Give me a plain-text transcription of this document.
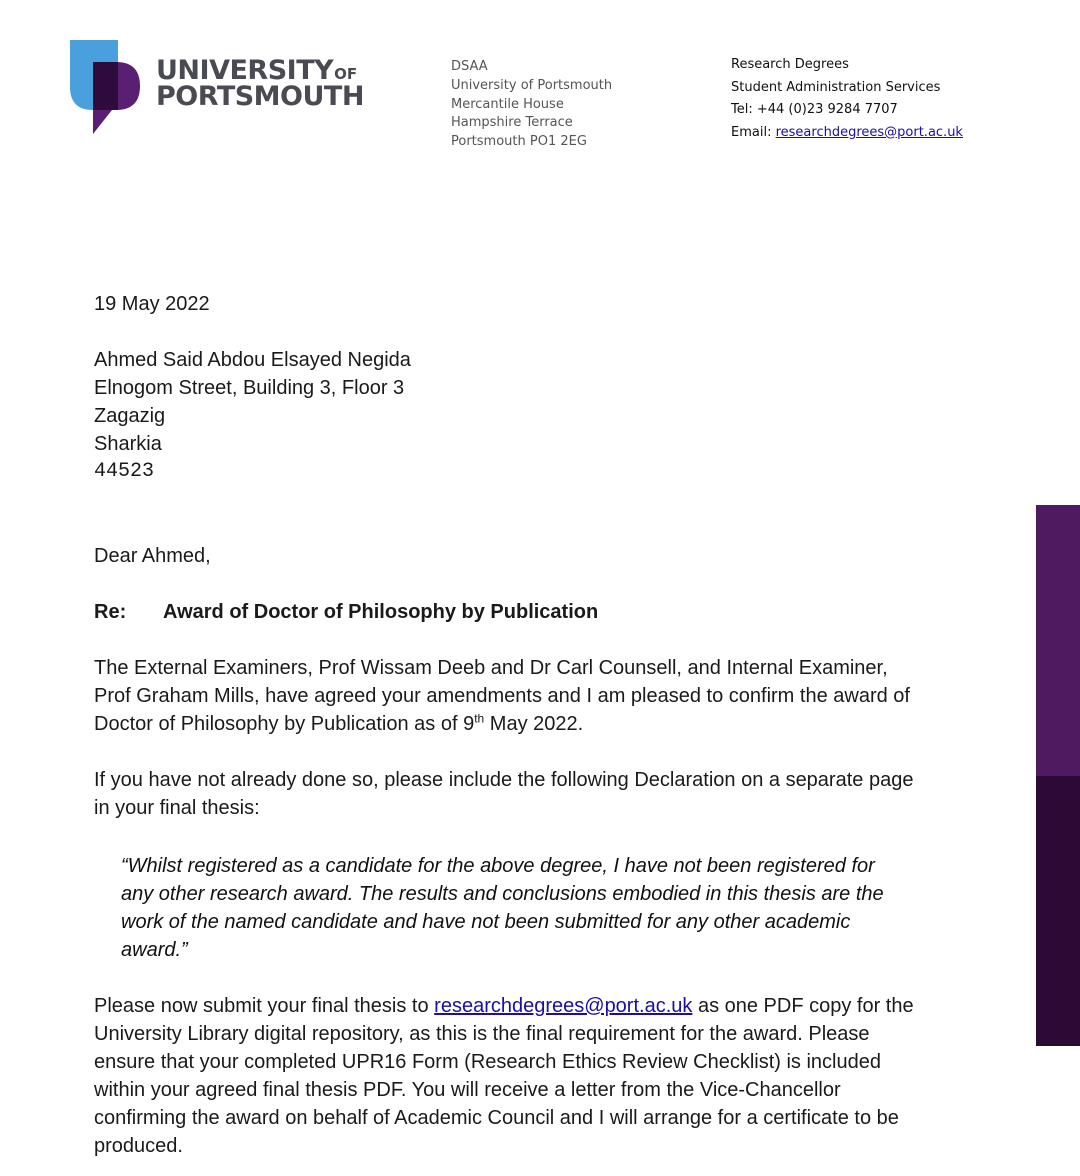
UNIVERSITYOF
PORTSMOUTH
DSAA
University of Portsmouth
Mercantile House
Hampshire Terrace
Portsmouth PO1 2EG
Research Degrees
Student Administration Services
Tel: +44 (0)23 9284 7707
Email: researchdegrees@port.ac.uk
19 May 2022
Ahmed Said Abdou Elsayed Negida
Elnogom Street, Building 3, Floor 3
Zagazig
Sharkia
44523
Dear Ahmed,
Re: Award of Doctor of Philosophy by Publication
The External Examiners, Prof Wissam Deeb and Dr Carl Counsell, and Internal Examiner, Prof Graham Mills, have agreed your amendments and I am pleased to confirm the award of Doctor of Philosophy by Publication as of 9th May 2022.
If you have not already done so, please include the following Declaration on a separate page in your final thesis:
“Whilst registered as a candidate for the above degree, I have not been registered for any other research award. The results and conclusions embodied in this thesis are the work of the named candidate and have not been submitted for any other academic award.”
Please now submit your final thesis to researchdegrees@port.ac.uk as one PDF copy for the University Library digital repository, as this is the final requirement for the award. Please ensure that your completed UPR16 Form (Research Ethics Review Checklist) is included within your agreed final thesis PDF. You will receive a letter from the Vice-Chancellor confirming the award on behalf of Academic Council and I will arrange for a certificate to be produced.
